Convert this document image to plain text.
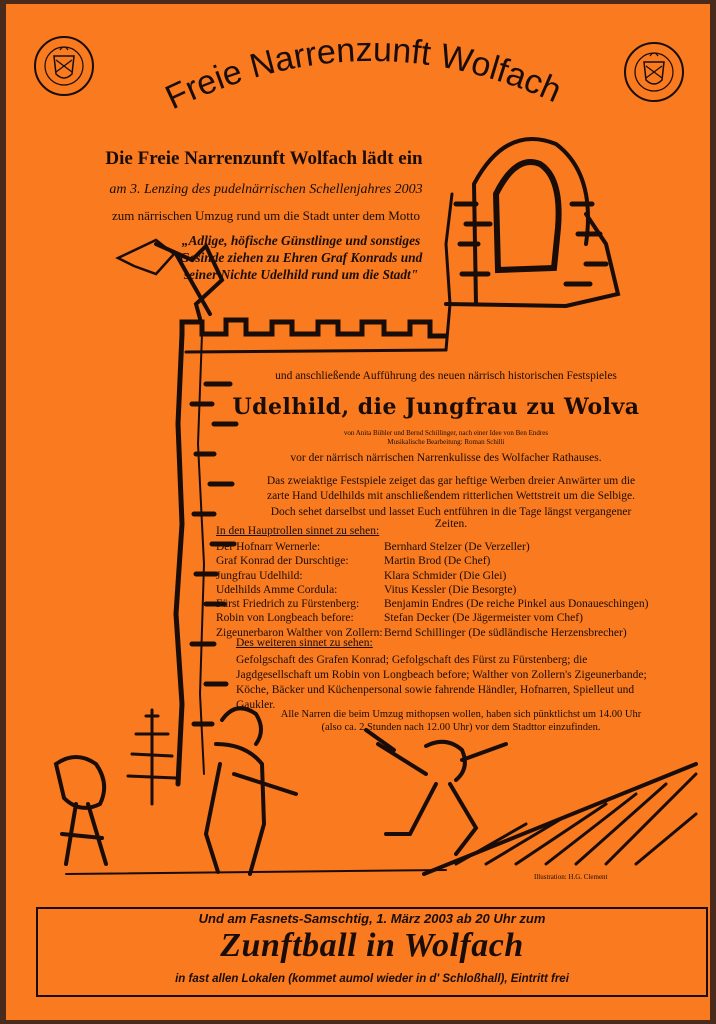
Freie Narrenzunft Wolfach
Die Freie Narrenzunft Wolfach lädt ein
am 3. Lenzing des pudelnärrischen Schellenjahres 2003
zum närrischen Umzug rund um die Stadt unter dem Motto
„Adlige, höfische Günstlinge und sonstiges Gesinde ziehen zu Ehren Graf Konrads und seiner Nichte Udelhild rund um die Stadt"
und anschließende Aufführung des neuen närrisch historischen Festspieles
Udelhild, die Jungfrau zu Wolva
von Anita Bühler und Bernd Schillinger, nach einer Idee von Ben Endres
Musikalische Bearbeitung: Roman Schilli
vor der närrisch närrischen Narrenkulisse des Wolfacher Rathauses.
Das zweiaktige Festspiele zeiget das gar heftige Werben dreier Anwärter um die zarte Hand Udelhilds mit anschließendem ritterlichen Wettstreit um die Selbige.
Doch sehet darselbst und lasset Euch entführen in die Tage längst vergangener Zeiten.
In den Hauptrollen sinnet zu sehen:
Der Hofnarr Wernerle:	Bernhard Stelzer (De Verzeller)
Graf Konrad der Durschtige:	Martin Brod (De Chef)
Jungfrau Udelhild:	Klara Schmider (Die Glei)
Udelhilds Amme Cordula:	Vitus Kessler (Die Besorgte)
Fürst Friedrich zu Fürstenberg:	Benjamin Endres (De reiche Pinkel aus Donaueschingen)
Robin von Longbeach before:	Stefan Decker (De Jägermeister vom Chef)
Zigeunerbaron Walther von Zollern: Bernd Schillinger (De südländische Herzensbrecher)
Des weiteren sinnet zu sehen:
Gefolgschaft des Grafen Konrad; Gefolgschaft des Fürst zu Fürstenberg; die Jagdgesellschaft um Robin von Longbeach before; Walther von Zollern's Zigeunerbande; Köche, Bäcker und Küchenpersonal sowie fahrende Händler, Hofnarren, Spielleut und Gaukler.
Alle Narren die beim Umzug mithopsen wollen, haben sich pünktlichst um 14.00 Uhr (also ca. 2 Stunden nach 12.00 Uhr) vor dem Stadttor einzufinden.
Illustration: H.G. Clement
Und am Fasnets-Samschtig, 1. März 2003 ab 20 Uhr zum
Zunftball in Wolfach
in fast allen Lokalen (kommet aumol wieder in d' Schloßhall), Eintritt frei
